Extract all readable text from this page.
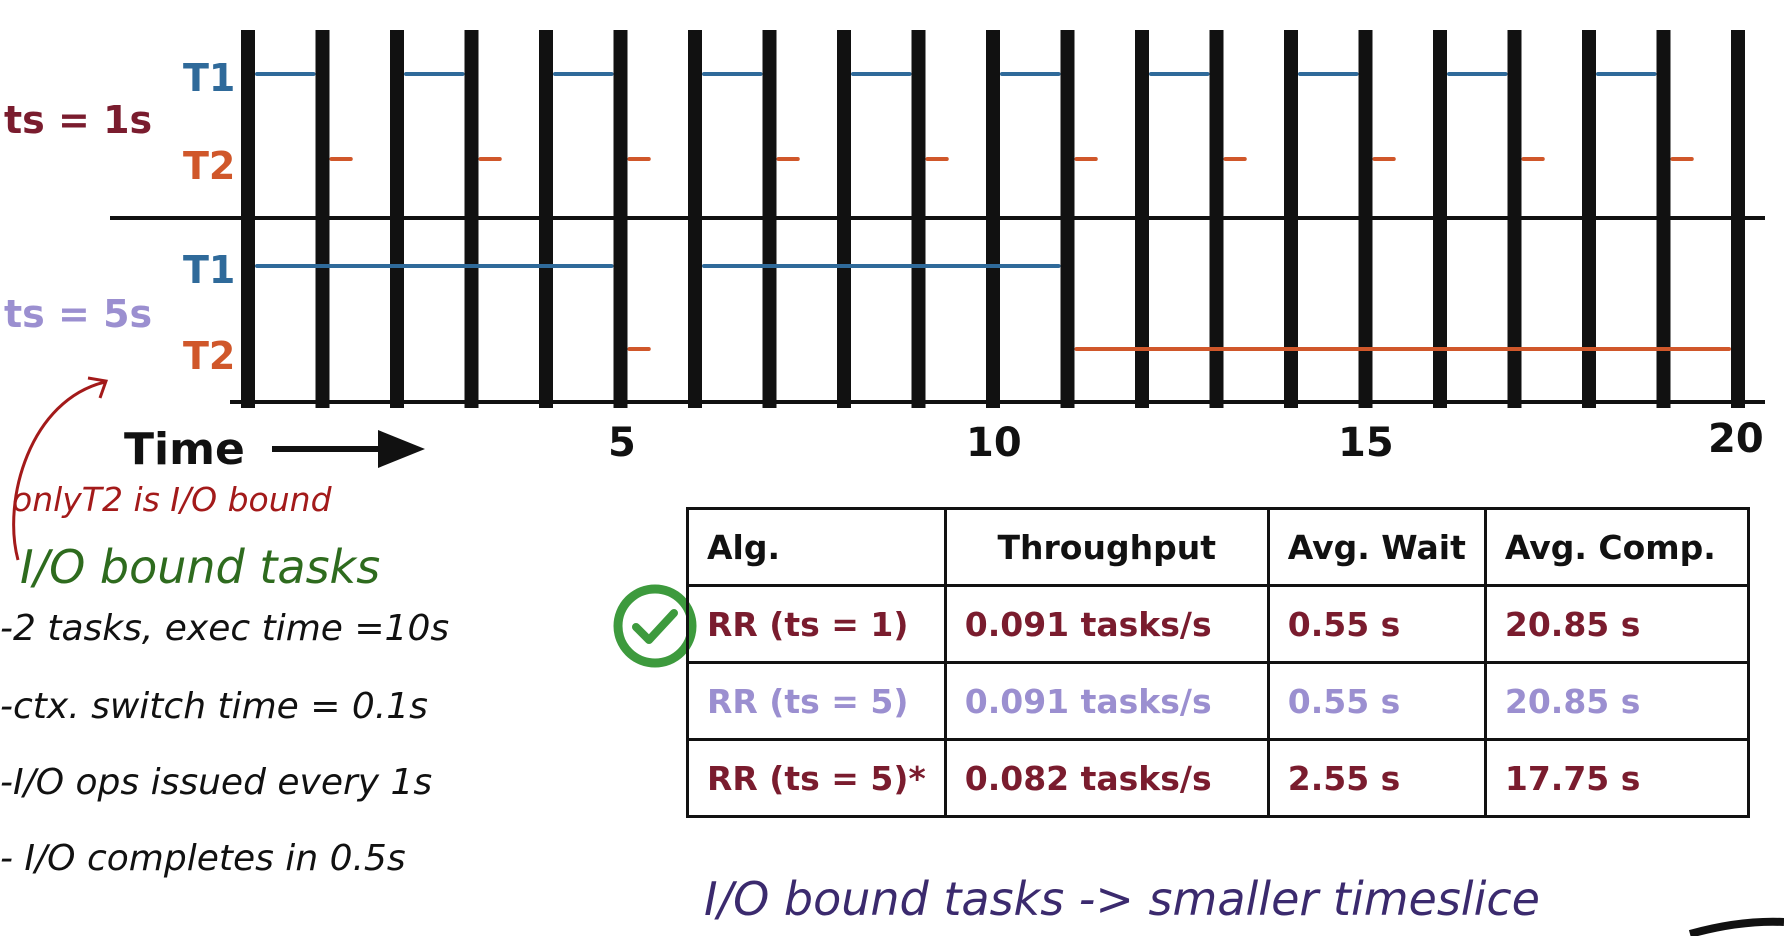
ts = 1s
ts = 5s
T1
T2
T1
T2
Time	5	10	15	20
onlyT2 is I/O bound
I/O bound tasks
-2 tasks, exec time =10s
-ctx. switch time = 0.1s
-I/O ops issued every 1s
- I/O completes in 0.5s
I/O bound tasks -> smaller timeslice
Alg.	Throughput	Avg. Wait	Avg. Comp.
RR (ts = 1)	0.091 tasks/s	0.55 s	20.85 s
RR (ts = 5)	0.091 tasks/s	0.55 s	20.85 s
RR (ts = 5)*	0.082 tasks/s	2.55 s	17.75 s
